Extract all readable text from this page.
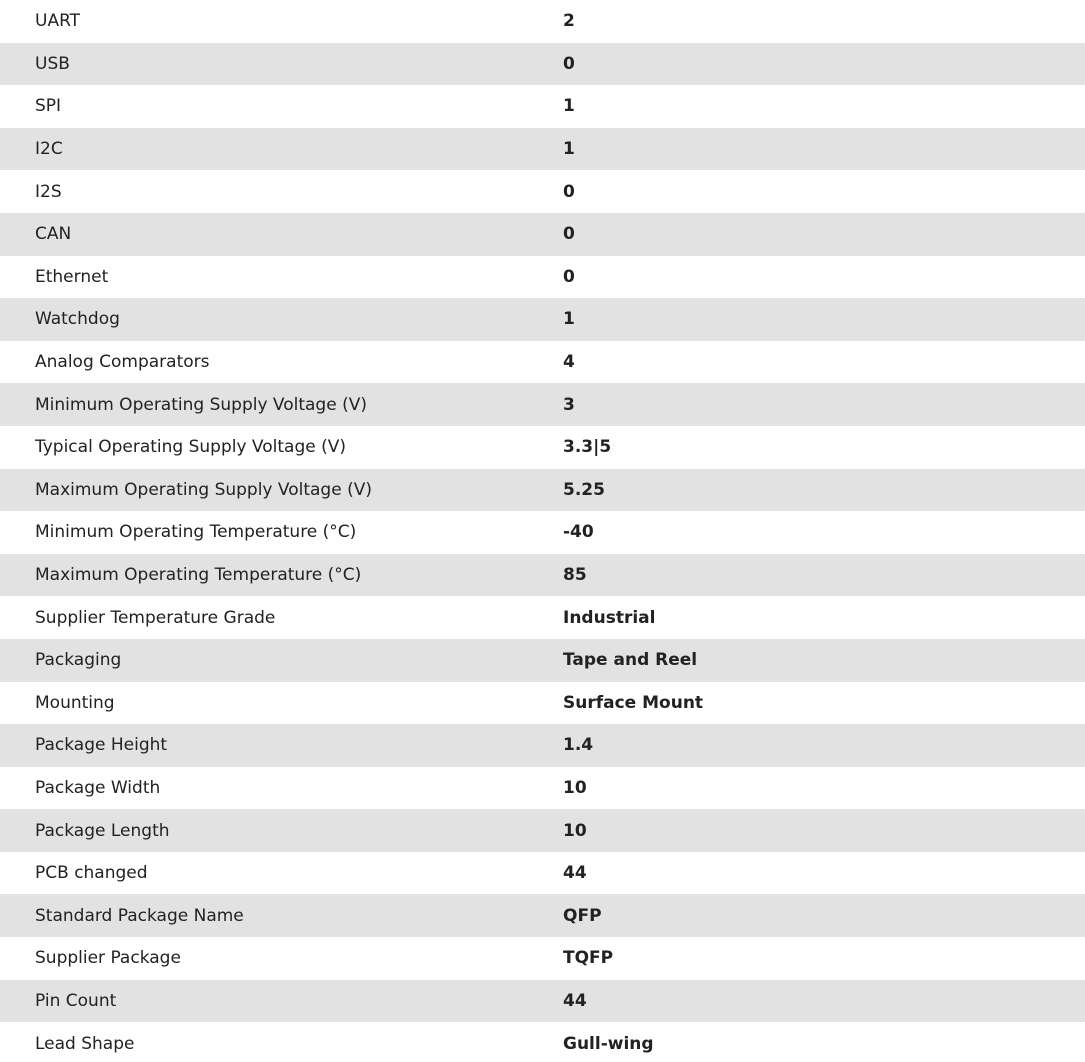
UART	2
USB	0
SPI	1
I2C	1
I2S	0
CAN	0
Ethernet	0
Watchdog	1
Analog Comparators	4
Minimum Operating Supply Voltage (V)	3
Typical Operating Supply Voltage (V)	3.3|5
Maximum Operating Supply Voltage (V)	5.25
Minimum Operating Temperature (°C)	-40
Maximum Operating Temperature (°C)	85
Supplier Temperature Grade	Industrial
Packaging	Tape and Reel
Mounting	Surface Mount
Package Height	1.4
Package Width	10
Package Length	10
PCB changed	44
Standard Package Name	QFP
Supplier Package	TQFP
Pin Count	44
Lead Shape	Gull-wing
